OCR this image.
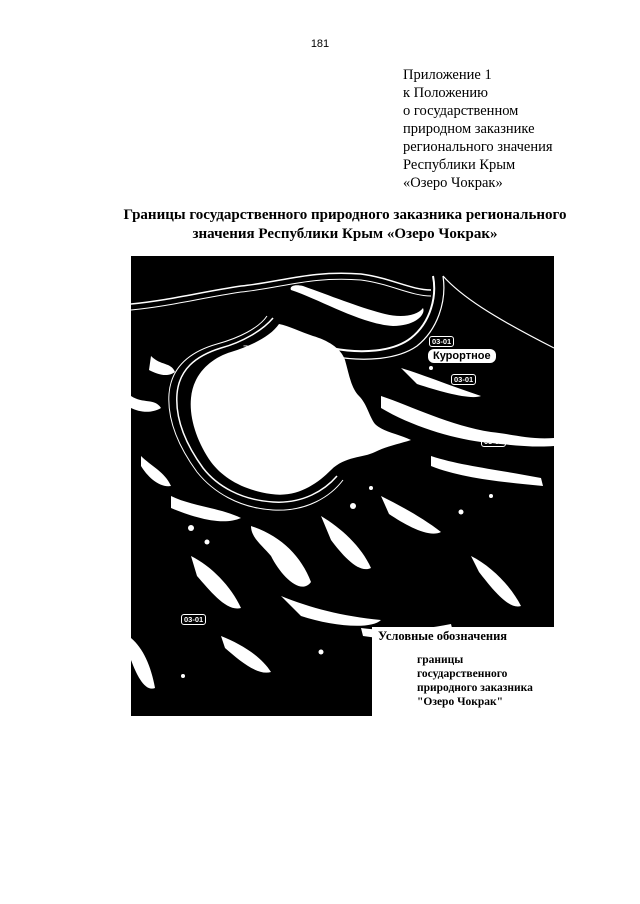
181
Приложение 1
к Положению
о государственном
природном заказнике
регионального значения
Республики Крым
«Озеро Чокрак»
Границы государственного природного заказника регионального
значения Республики Крым «Озеро Чокрак»
Курортное
03-01
03-01
03-01
03-01
7
Условные обозначения
границы
государственного
природного заказника
"Озеро Чокрак"
